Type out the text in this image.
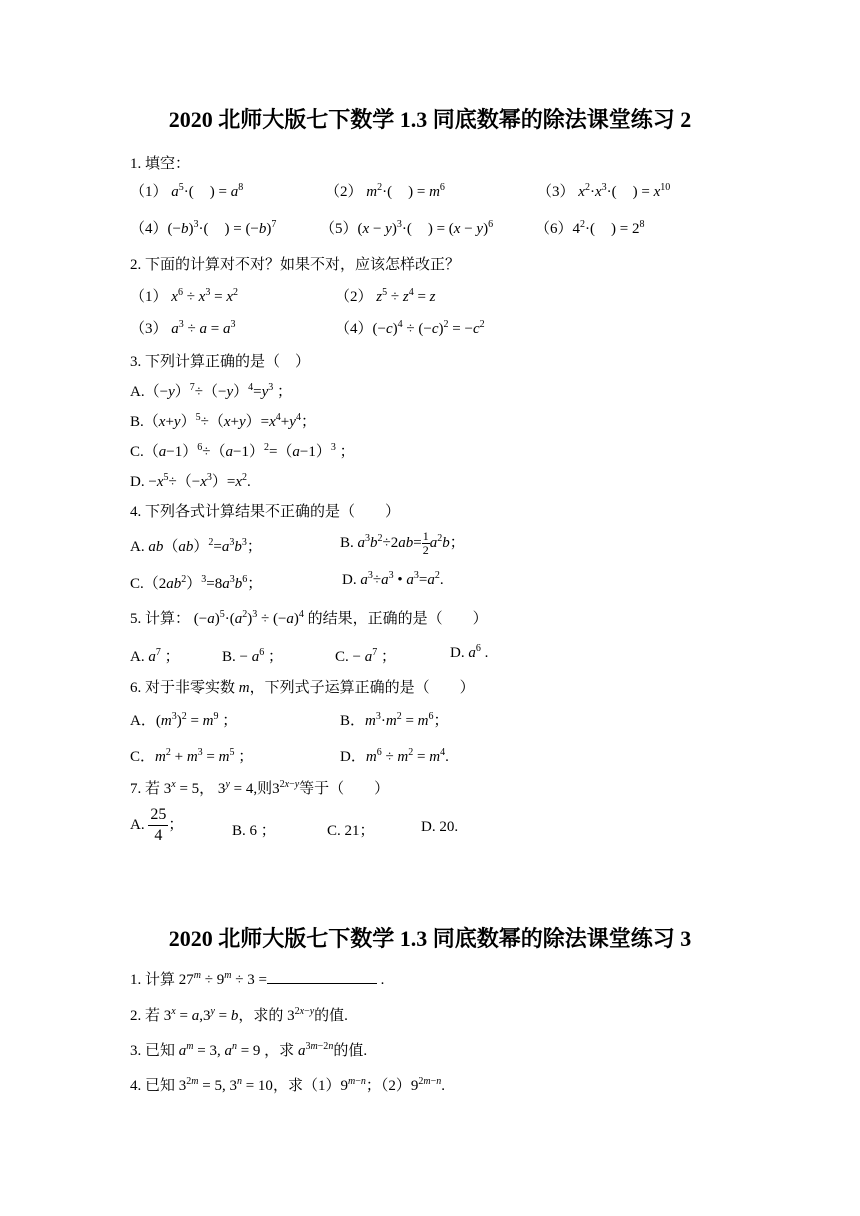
2020 北师大版七下数学 1.3 同底数幂的除法课堂练习 2
1. 填空：
（1） $a^5\cdot$( ) = $a^8$	（2） $m^2\cdot$( ) = $m^6$	（3） $x^2\cdot x^3\cdot$( ) = $x^{10}$
$(4)(-b)^3\cdot$( ) = $(-b)^7$	$(5)(x - y)^3\cdot$( ) = $(x - y)^6$	$(6)4^2\cdot$( ) = $2^8$
2. 下面的计算对不对？如果不对，应该怎样改正？
（1） $x^6 \div x^3 = x^2$	（2） $z^5 \div z^4 = z$
（3） $a^3 \div a = a^3$	$(4)(-c)^4 \div (-c)^2 = -c^2$
3. 下列计算正确的是（　）
$A.(-y)^7\div(-y)^4=y^3$ ；
$B.(x+y)^5\div(x+y)=x^4+y^4$；
$C.(a-1)^6\div(a-1)^2=(a-1)^3$ ；
D. $-x^5\div(-x^3)=x^2$.
4. 下列各式计算结果不正确的是（　　）
A. $ab(ab)^2=a^3b^3$；	B. $a^3b^2\div 2ab= \frac{1}{2} a^2b$；
$C.(2ab^2)^3=8a^3b^6$；	D. $a^3\div a^3$ • $a^3=a^2$.
5. 计算： $(-a)^5\cdot(a^2)^3 \div (-a)^4$ 的结果，正确的是（　　）
A. $a^7$ ；	B. − $a^6$ ；	C. − $a^7$ ；	D. $a^6$ .
6. 对于非零实数 m，下列式子运算正确的是（　　）
A．$(m^3)^2 = m^9$ ；	B．$m^3\cdot m^2 = m^6$；
C．$m^2 + m^3 = m^5$ ；	D．$m^6 \div m^2 = m^4$.
7. 若 $3^x = 5$， $3^y = 4$,则$3^{2x-y}$等于（　　）
A. $\frac{25}{4}$；	B. 6 ；	C. 21；	D. 20.
2020 北师大版七下数学 1.3 同底数幂的除法课堂练习 3
1. 计算 $27^m \div 9^m \div 3$ =	.
2. 若 $3^x = a,3^y = b$，求的 $3^{2x-y}$的值.
3. 已知 $a^m = 3$, $a^n = 9$ ，求 $a^{3m-2n}$的值.
4. 已知 $3^{2m} = 5$, $3^n = 10$，求$(1)9^{m-n}$；$(2)9^{2m-n}$.
